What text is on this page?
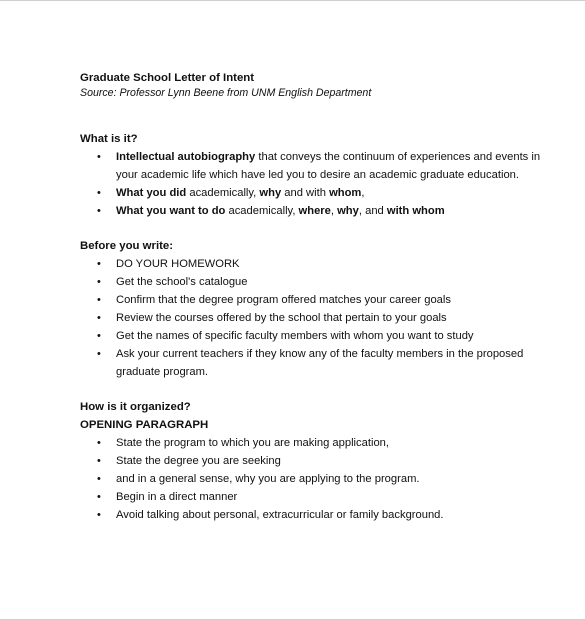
Graduate School Letter of Intent
Source: Professor Lynn Beene from UNM English Department
What is it?
• Intellectual autobiography that conveys the continuum of experiences and events in your academic life which have led you to desire an academic graduate education.
• What you did academically, why and with whom,
• What you want to do academically, where, why, and with whom
Before you write:
• DO YOUR HOMEWORK
• Get the school's catalogue
• Confirm that the degree program offered matches your career goals
• Review the courses offered by the school that pertain to your goals
• Get the names of specific faculty members with whom you want to study
• Ask your current teachers if they know any of the faculty members in the proposed graduate program.
How is it organized?
OPENING PARAGRAPH
• State the program to which you are making application,
• State the degree you are seeking
• and in a general sense, why you are applying to the program.
• Begin in a direct manner
• Avoid talking about personal, extracurricular or family background.
